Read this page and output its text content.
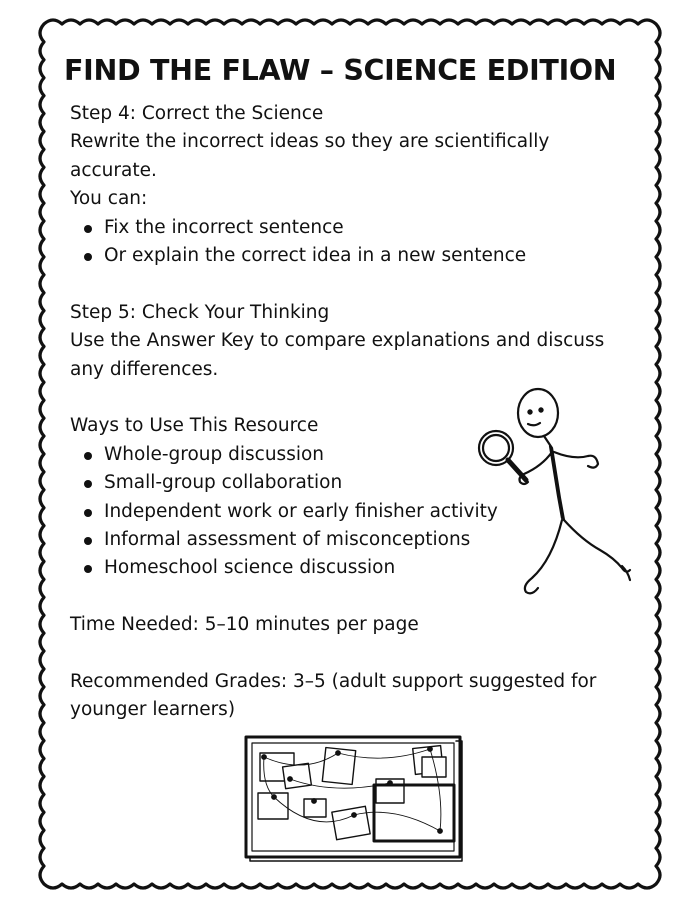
FIND THE FLAW – SCIENCE EDITION
Step 4: Correct the Science
Rewrite the incorrect ideas so they are scientifically
accurate.
You can:
Fix the incorrect sentence
Or explain the correct idea in a new sentence
Step 5: Check Your Thinking
Use the Answer Key to compare explanations and discuss
any differences.
Ways to Use This Resource
Whole-group discussion
Small-group collaboration
Independent work or early finisher activity
Informal assessment of misconceptions
Homeschool science discussion
Time Needed: 5–10 minutes per page
Recommended Grades: 3–5 (adult support suggested for
younger learners)
